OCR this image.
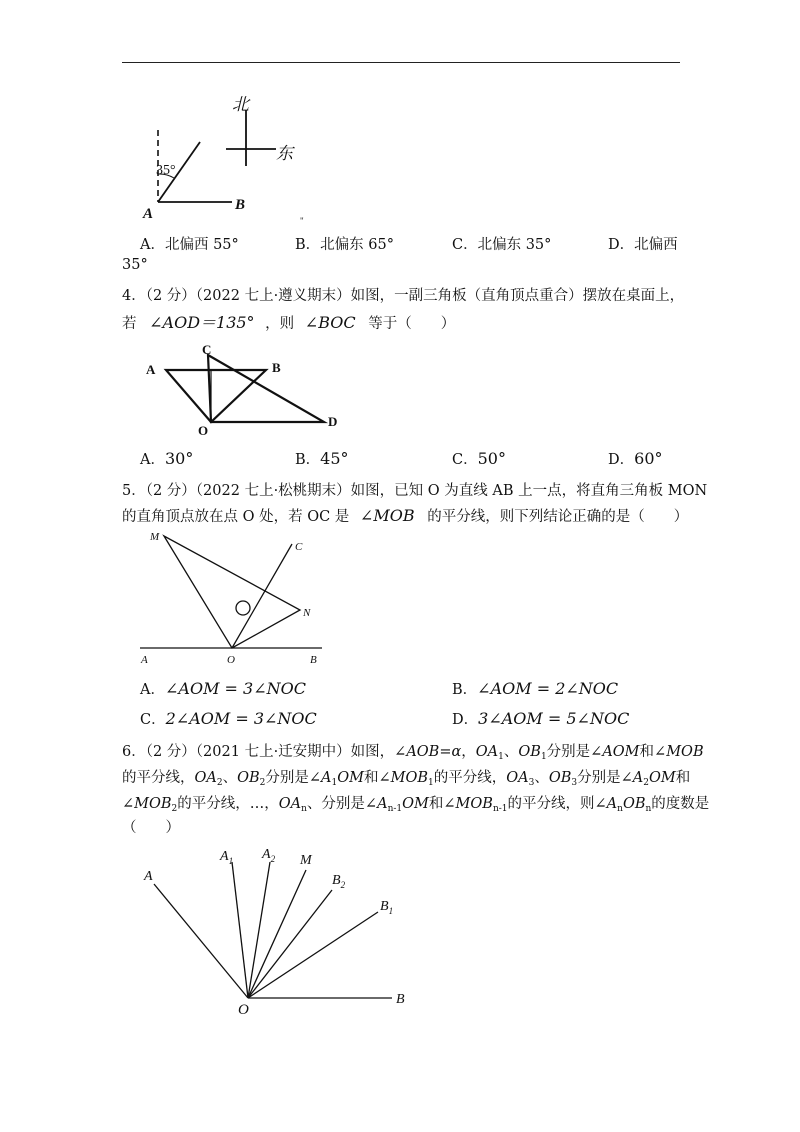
北
东
35°
A
B
"
A．北偏西 55°	B．北偏东 65°	C．北偏东 35°	D．北偏西
35°
4．（2 分）（2022 七上·遵义期末）如图，一副三角板（直角顶点重合）摆放在桌面上，
若 ∠AOD＝135° ，则 ∠BOC 等于（　　）
A
C
B
D
O
A．30°	B．45°	C．50°	D．60°
5．（2 分）（2022 七上·松桃期末）如图，已知 O 为直线 AB 上一点，将直角三角板 MON
的直角顶点放在点 O 处，若 OC 是 ∠MOB 的平分线，则下列结论正确的是（　　）
M
C
N
A	O	B
A．∠AOM = 3∠NOC	B．∠AOM = 2∠NOC
C．2∠AOM = 3∠NOC	D．3∠AOM = 5∠NOC
6．（2 分）（2021 七上·迁安期中）如图，∠AOB=α，$OA_1$、$OB_1$分别是∠AOM和∠MOB
的平分线，$OA_2$、$OB_2$分别是$\angle A_1OM$和$\angle MOB_1$的平分线，$OA_3$、$OB_3$分别是$\angle A_2OM$和
$\angle MOB_2$的平分线，…，$OA_n$、分别是$\angle A_{n-1}OM$和$\angle MOB_{n-1}$的平分线，则$\angle A_nOB_n$的度数是
（　　）
A
$A_1$ $A_2$ M
$B_2$
$B_1$
O
B
